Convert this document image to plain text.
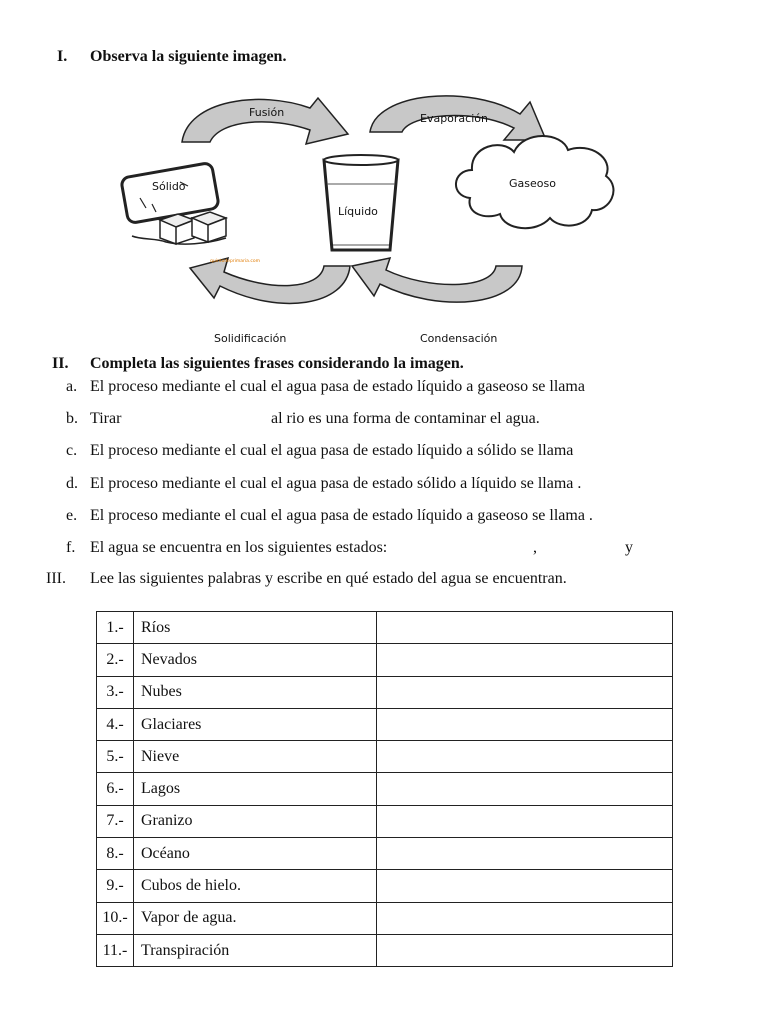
I. Observa la siguiente imagen.
quintodeprimaria.com
Fusión	Evaporación
Sólido
Líquido
Gaseoso
Solidificación	Condensación
II. Completa las siguientes frases considerando la imagen.
a. El proceso mediante el cual el agua pasa de estado líquido a gaseoso se llama
b. Tirar	al rio es una forma de contaminar el agua.
c. El proceso mediante el cual el agua pasa de estado líquido a sólido se llama
d. El proceso mediante el cual el agua pasa de estado sólido a líquido se llama .
e. El proceso mediante el cual el agua pasa de estado líquido a gaseoso se llama .
f. El agua se encuentra en los siguientes estados:	,	y
III. Lee las siguientes palabras y escribe en qué estado del agua se encuentran.
1.-	Ríos	
2.-	Nevados	
3.-	Nubes	
4.-	Glaciares	
5.-	Nieve	
6.-	Lagos	
7.-	Granizo	
8.-	Océano	
9.-	Cubos de hielo.	
10.-	Vapor de agua.	
11.-	Transpiración	
